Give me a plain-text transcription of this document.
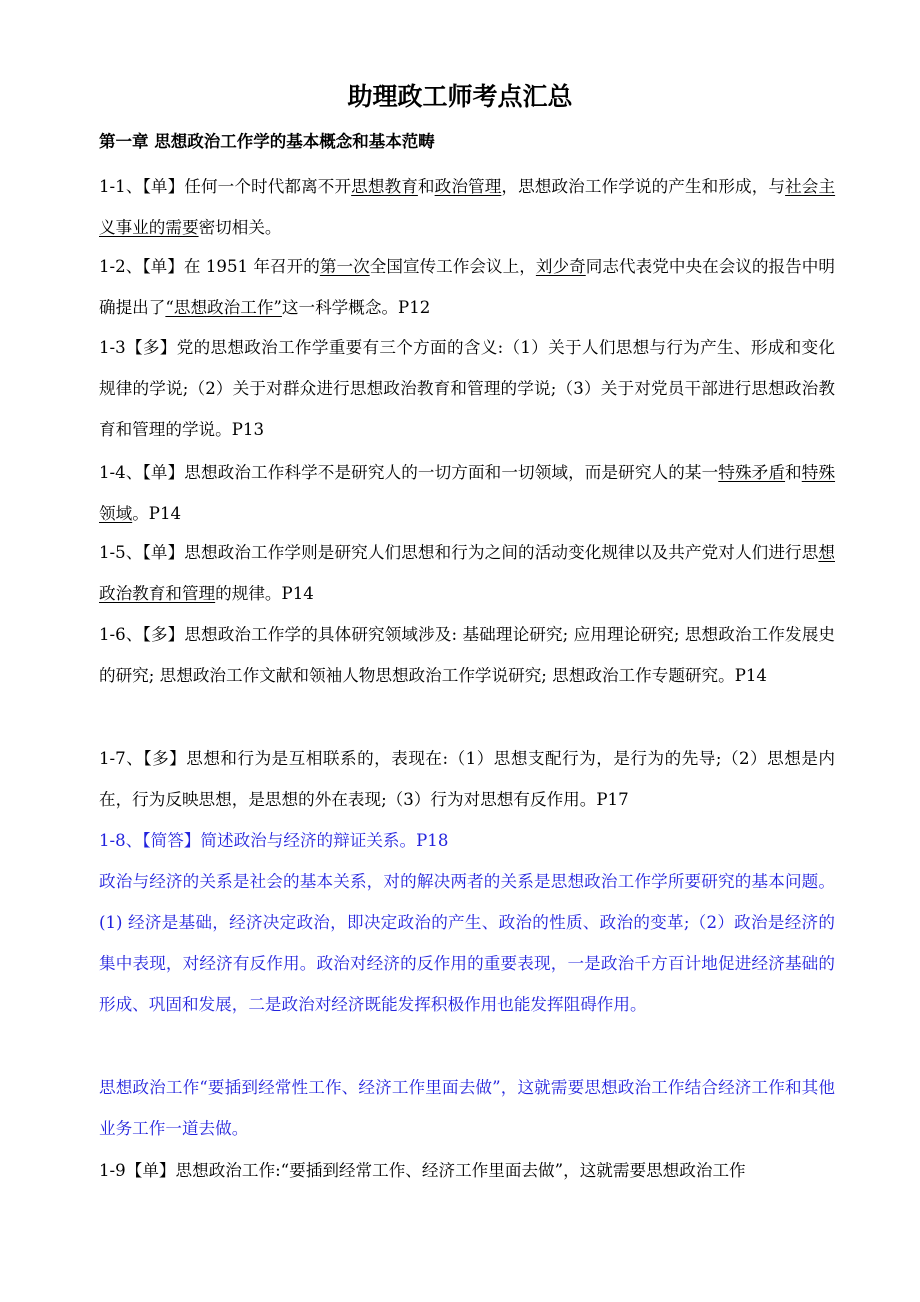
助理政工师考点汇总
第一章 思想政治工作学的基本概念和基本范畴

1-1、【单】任何一个时代都离不开思想教育和政治管理，思想政治工作学说的产生和形成，与社会主义事业的需要密切相关。

1-2、【单】在 1951 年召开的第一次全国宣传工作会议上，刘少奇同志代表党中央在会议的报告中明确提出了“思想政治工作”这一科学概念。P12

1-3【多】党的思想政治工作学重要有三个方面的含义:（1）关于人们思想与行为产生、形成和变化规律的学说;（2）关于对群众进行思想政治教育和管理的学说;（3）关于对党员干部进行思想政治教育和管理的学说。P13

1-4、【单】思想政治工作科学不是研究人的一切方面和一切领域，而是研究人的某一特殊矛盾和特殊领域。P14

1-5、【单】思想政治工作学则是研究人们思想和行为之间的活动变化规律以及共产党对人们进行思想政治教育和管理的规律。P14

1-6、【多】思想政治工作学的具体研究领域涉及: 基础理论研究; 应用理论研究; 思想政治工作发展史的研究; 思想政治工作文献和领袖人物思想政治工作学说研究; 思想政治工作专题研究。P14

1-7、【多】思想和行为是互相联系的，表现在:（1）思想支配行为，是行为的先导;（2）思想是内在，行为反映思想，是思想的外在表现;（3）行为对思想有反作用。P17

1-8、【简答】简述政治与经济的辩证关系。P18

政治与经济的关系是社会的基本关系，对的解决两者的关系是思想政治工作学所要研究的基本问题。(1) 经济是基础，经济决定政治，即决定政治的产生、政治的性质、政治的变革;（2）政治是经济的集中表现，对经济有反作用。政治对经济的反作用的重要表现，一是政治千方百计地促进经济基础的形成、巩固和发展，二是政治对经济既能发挥积极作用也能发挥阻碍作用。

思想政治工作“要插到经常性工作、经济工作里面去做”，这就需要思想政治工作结合经济工作和其他业务工作一道去做。

1-9【单】思想政治工作:“要插到经常工作、经济工作里面去做”，这就需要思想政治工作
